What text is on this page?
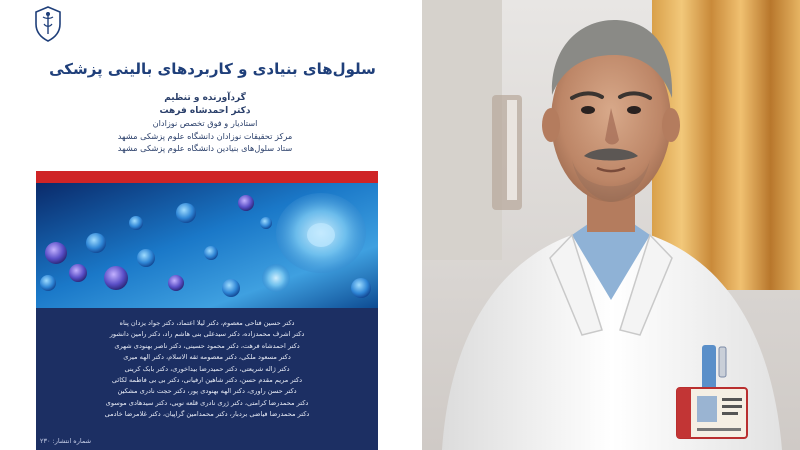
سلول‌های بنیادی و کاربردهای بالینی پزشکی
گردآورنده و تنظیم
دکتر احمدشاه فرهت
استادیار و فوق تخصص نوزادان
مرکز تحقیقات نوزادان دانشگاه علوم پزشکی مشهد
ستاد سلول‌های بنیادین دانشگاه علوم پزشکی مشهد
دکتر حسین فتاحی معصوم، دکتر لیلا اعتماد، دکتر جواد یزدان پناه
دکتر اشرف محمدزاده، دکتر سیدعلی بنی هاشم راد، دکتر رامین دانشور
دکتر احمدشاه فرهت، دکتر محمود حسینی، دکتر ناصر بهنودی شهری
دکتر مسعود ملکی، دکتر معصومه ثقه الاسلام، دکتر الهه میری
دکتر ژاله شریعتی، دکتر حمیدرضا بیداخوری، دکتر بابک کرینی
دکتر مریم مقدم حسن، دکتر شاهین ارفیانی، دکتر بی بی فاطمه لکائی
دکتر حسن راوری، دکتر الهه بهنودی پور، دکتر حجت نادری مشکین
دکتر محمدرضا کرامتی، دکتر ژری نادری قلعه نویی، دکتر سیدهادی موسوی
دکتر محمدرضا فیاضی بردبار، دکتر محمدامین گراپیان، دکتر غلامرضا خادمی
شماره انتشار: ۲۳۰
